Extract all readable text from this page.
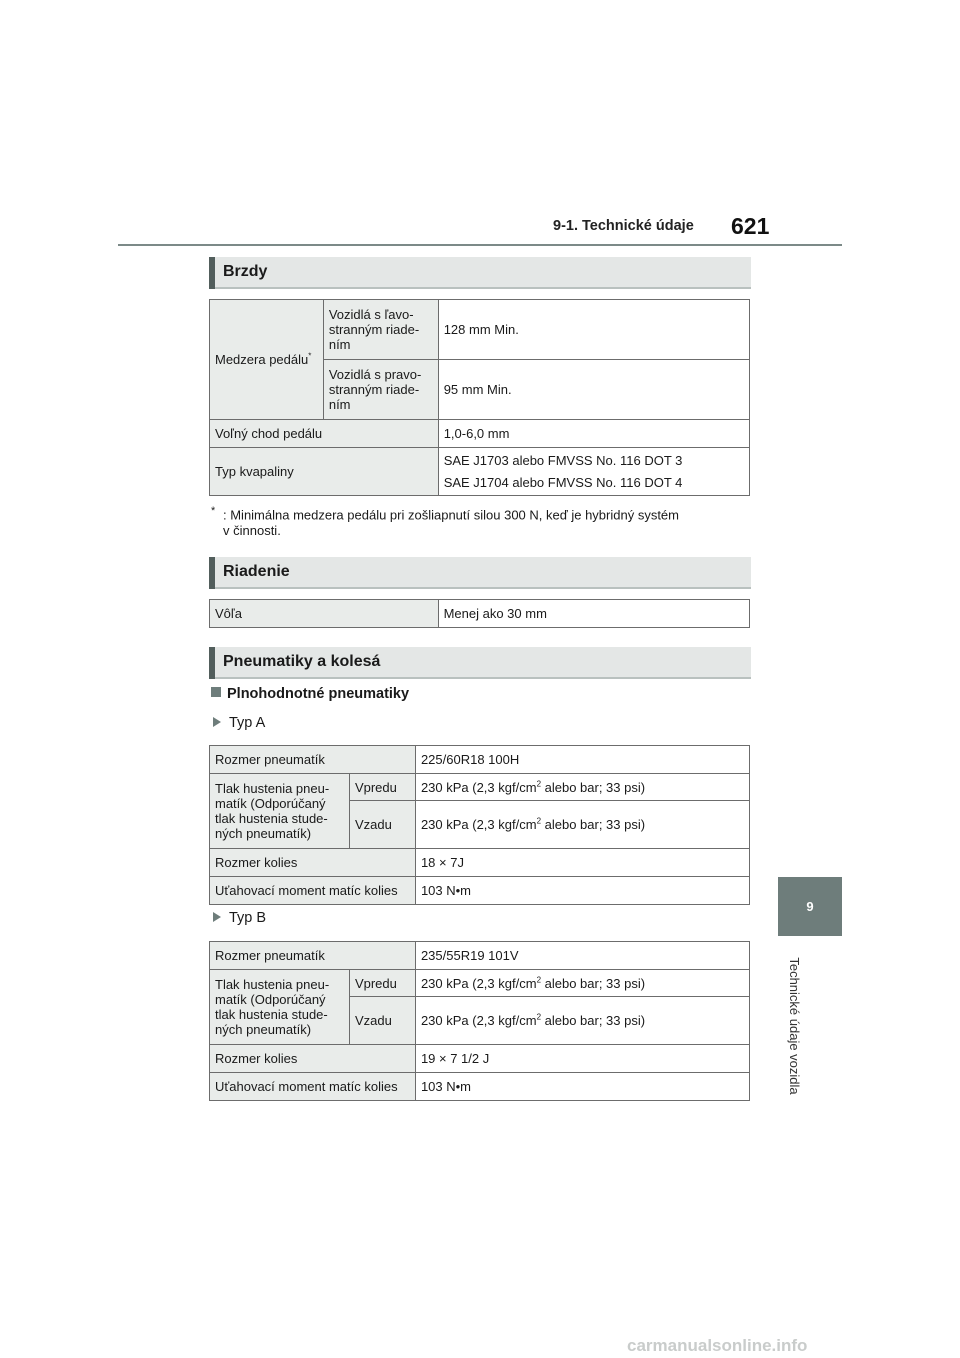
9-1. Technické údaje 621
9
Technické údaje vozidla
Brzdy
Medzera pedálu*	Vozidlá s ľavo-stranným riade-ním	128 mm Min.
	Vozidlá s pravo-stranným riade-ním	95 mm Min.
Voľný chod pedálu		1,0-6,0 mm
Typ kvapaliny		SAE J1703 alebo FMVSS No. 116 DOT 3
SAE J1704 alebo FMVSS No. 116 DOT 4
* : Minimálna medzera pedálu pri zošliapnutí silou 300 N, keď je hybridný systém
v činnosti.
Riadenie
Vôľa	Menej ako 30 mm
Pneumatiky a kolesá
Plnohodnotné pneumatiky
Typ A
Rozmer pneumatík		225/60R18 100H
Tlak hustenia pneu-matík (Odporúčaný tlak hustenia stude-ných pneumatík)	Vpredu	230 kPa (2,3 kgf/$cm^2$ alebo bar; 33 psi)
	Vzadu	230 kPa (2,3 kgf/$cm^2$ alebo bar; 33 psi)
Rozmer kolies		18 × 7J
Uťahovací moment matíc kolies		103 N•m
Typ B
Rozmer pneumatík		235/55R19 101V
Tlak hustenia pneu-matík (Odporúčaný tlak hustenia stude-ných pneumatík)	Vpredu	230 kPa (2,3 kgf/$cm^2$ alebo bar; 33 psi)
	Vzadu	230 kPa (2,3 kgf/$cm^2$ alebo bar; 33 psi)
Rozmer kolies		19 × 7 1/2 J
Uťahovací moment matíc kolies		103 N•m
carmanualsonline.info
